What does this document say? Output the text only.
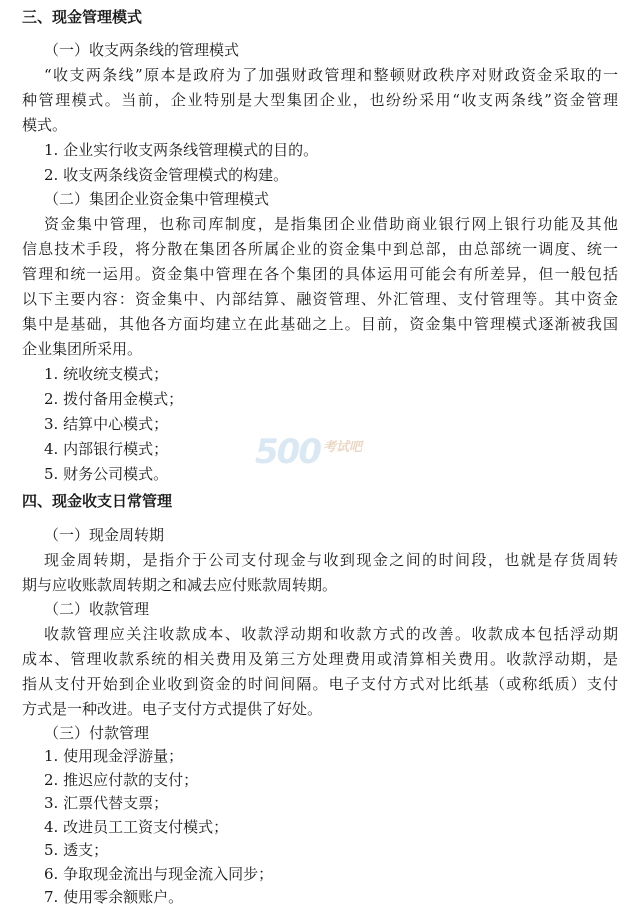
三、现金管理模式
（一）收支两条线的管理模式
“收支两条线”原本是政府为了加强财政管理和整顿财政秩序对财政资金采取的一
种管理模式。当前，企业特别是大型集团企业，也纷纷采用“收支两条线”资金管理
模式。
1. 企业实行收支两条线管理模式的目的。
2. 收支两条线资金管理模式的构建。
（二）集团企业资金集中管理模式
资金集中管理，也称司库制度，是指集团企业借助商业银行网上银行功能及其他
信息技术手段，将分散在集团各所属企业的资金集中到总部，由总部统一调度、统一
管理和统一运用。资金集中管理在各个集团的具体运用可能会有所差异，但一般包括
以下主要内容：资金集中、内部结算、融资管理、外汇管理、支付管理等。其中资金
集中是基础，其他各方面均建立在此基础之上。目前，资金集中管理模式逐渐被我国
企业集团所采用。
1. 统收统支模式；
2. 拨付备用金模式；
3. 结算中心模式；
4. 内部银行模式；
5. 财务公司模式。
500 考试吧
四、现金收支日常管理
（一）现金周转期
现金周转期，是指介于公司支付现金与收到现金之间的时间段，也就是存货周转
期与应收账款周转期之和减去应付账款周转期。
（二）收款管理
收款管理应关注收款成本、收款浮动期和收款方式的改善。收款成本包括浮动期
成本、管理收款系统的相关费用及第三方处理费用或清算相关费用。收款浮动期，是
指从支付开始到企业收到资金的时间间隔。电子支付方式对比纸基（或称纸质）支付
方式是一种改进。电子支付方式提供了好处。
（三）付款管理
1. 使用现金浮游量；
2. 推迟应付款的支付；
3. 汇票代替支票；
4. 改进员工工资支付模式；
5. 透支；
6. 争取现金流出与现金流入同步；
7. 使用零余额账户。
